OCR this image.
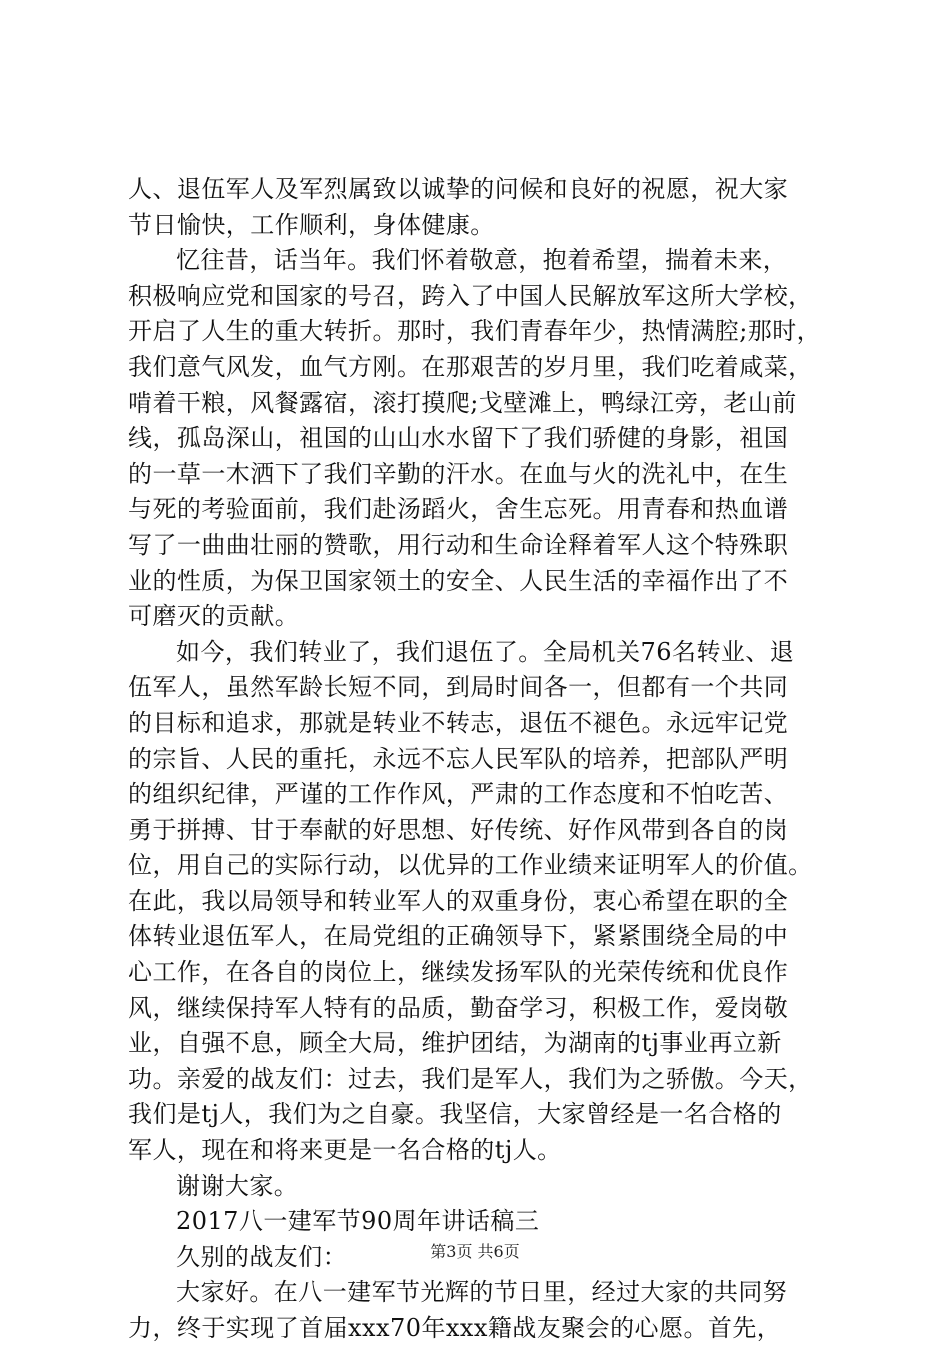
人、退伍军人及军烈属致以诚挚的问候和良好的祝愿，祝大家
节日愉快，工作顺利，身体健康。
忆往昔，话当年。我们怀着敬意，抱着希望，揣着未来，
积极响应党和国家的号召，跨入了中国人民解放军这所大学校，
开启了人生的重大转折。那时，我们青春年少，热情满腔;那时，
我们意气风发，血气方刚。在那艰苦的岁月里，我们吃着咸菜，
啃着干粮，风餐露宿，滚打摸爬;戈壁滩上，鸭绿江旁，老山前
线，孤岛深山，祖国的山山水水留下了我们骄健的身影，祖国
的一草一木洒下了我们辛勤的汗水。在血与火的洗礼中，在生
与死的考验面前，我们赴汤蹈火，舍生忘死。用青春和热血谱
写了一曲曲壮丽的赞歌，用行动和生命诠释着军人这个特殊职
业的性质，为保卫国家领土的安全、人民生活的幸福作出了不
可磨灭的贡献。
如今，我们转业了，我们退伍了。全局机关76名转业、退
伍军人，虽然军龄长短不同，到局时间各一，但都有一个共同
的目标和追求，那就是转业不转志，退伍不褪色。永远牢记党
的宗旨、人民的重托，永远不忘人民军队的培养，把部队严明
的组织纪律，严谨的工作作风，严肃的工作态度和不怕吃苦、
勇于拼搏、甘于奉献的好思想、好传统、好作风带到各自的岗
位，用自己的实际行动，以优异的工作业绩来证明军人的价值。
在此，我以局领导和转业军人的双重身份，衷心希望在职的全
体转业退伍军人，在局党组的正确领导下，紧紧围绕全局的中
心工作，在各自的岗位上，继续发扬军队的光荣传统和优良作
风，继续保持军人特有的品质，勤奋学习，积极工作，爱岗敬
业，自强不息，顾全大局，维护团结，为湖南的tj事业再立新
功。亲爱的战友们：过去，我们是军人，我们为之骄傲。今天，
我们是tj人，我们为之自豪。我坚信，大家曾经是一名合格的
军人，现在和将来更是一名合格的tj人。
谢谢大家。
2017八一建军节90周年讲话稿三
久别的战友们：
大家好。在八一建军节光辉的节日里，经过大家的共同努
力，终于实现了首届xxx70年xxx籍战友聚会的心愿。首先，
第3页 共6页
